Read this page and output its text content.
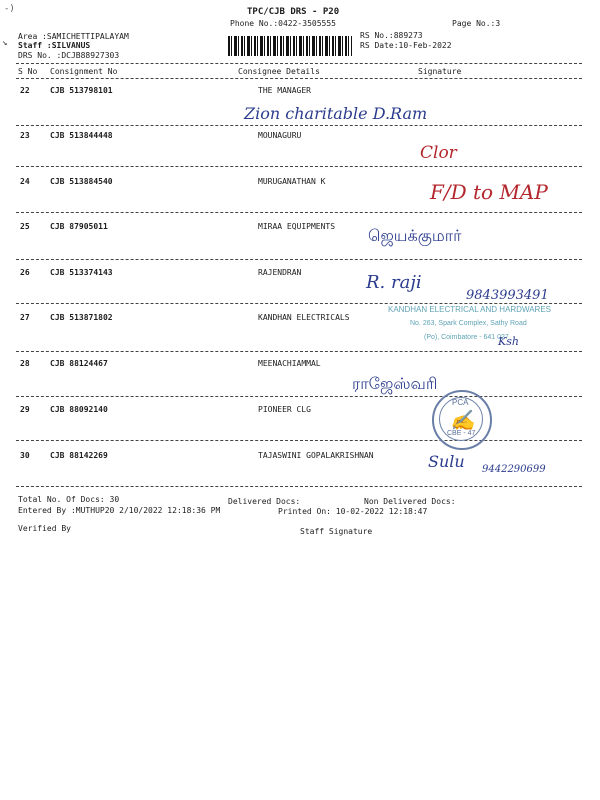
TPC/CJB DRS - P20
Phone No.:0422-3505555	Page No.:3
Area :SAMICHETTIPALAYAM
Staff :SILVANUS
DRS No. :DCJB88927303
RS No.:889273
RS Date:10-Feb-2022
-)
↘
S No Consignment No	Consignee Details	Signature
22	CJB 513798101	THE MANAGER
23	CJB 513844448	MOUNAGURU
24	CJB 513884540	MURUGANATHAN K
25	CJB 87905011	MIRAA EQUIPMENTS
26	CJB 513374143	RAJENDRAN
27	CJB 513871802	KANDHAN ELECTRICALS
28	CJB 88124467	MEENACHIAMMAL
29	CJB 88092140	PIONEER CLG
30	CJB 88142269	TAJASWINI GOPALAKRISHNAN
Zion charitable D.Ram
Clor
F/D to MAP
ஜெயக்குமார்
R. raji
9843993491
ராஜேஸ்வரி
Sulu 9442290699
KANDHAN ELECTRICAL AND HARDWARES
No. 263, Spark Complex, Sathy Road
(Po), Coimbatore - 641 027
Ksh
PCA
CBE - 47
✍
Total No. Of Docs: 30	Delivered Docs:	Non Delivered Docs:
Entered By :MUTHUP20 2/10/2022 12:18:36 PM	Printed On: 10-02-2022 12:18:47
Verified By	Staff Signature
